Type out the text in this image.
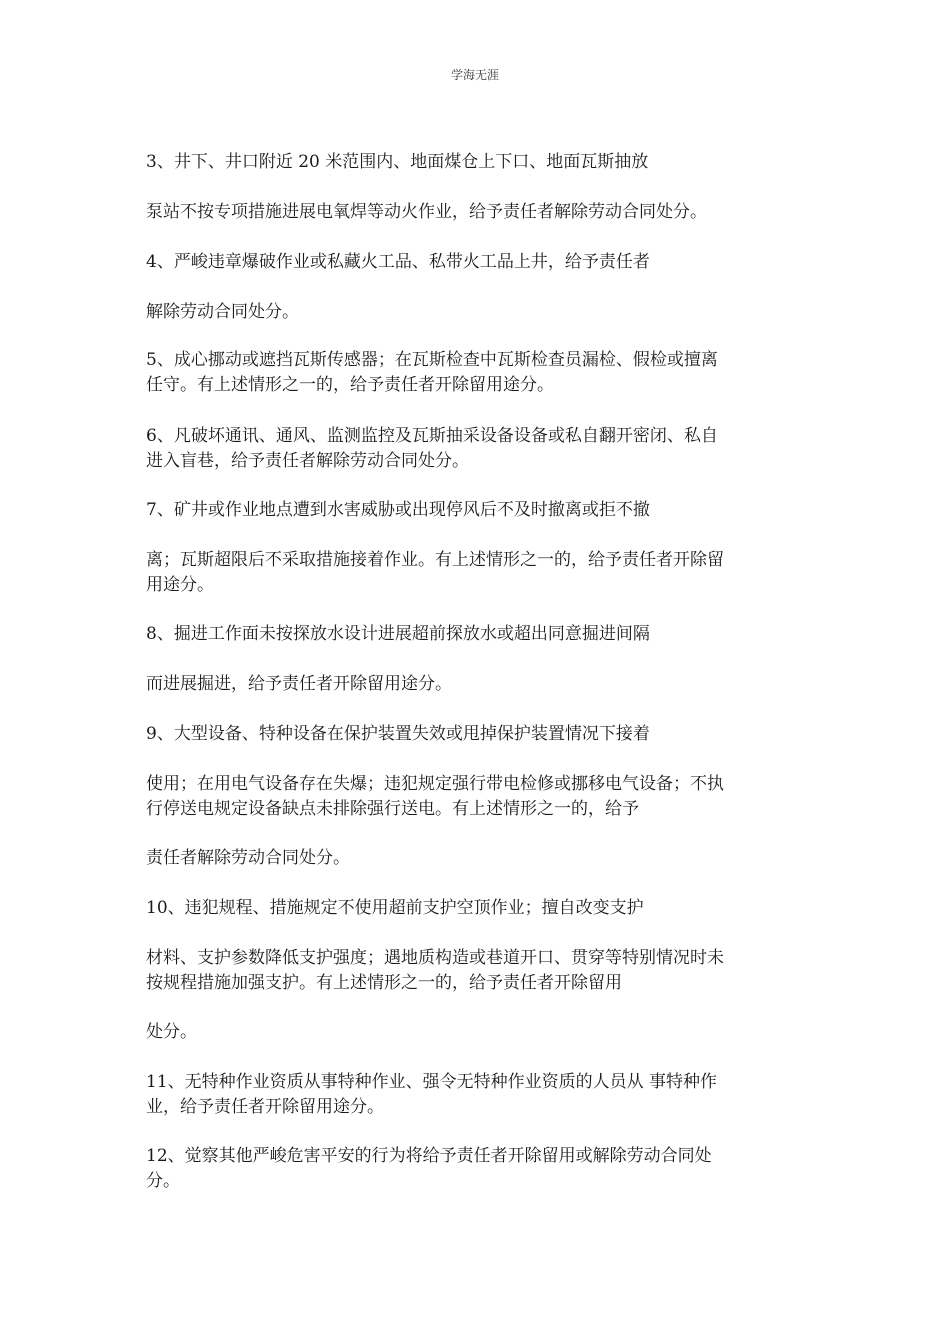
学海无涯
3、井下、井口附近 20 米范围内、地面煤仓上下口、地面瓦斯抽放
泵站不按专项措施进展电氧焊等动火作业，给予责任者解除劳动合同处分。
4、严峻违章爆破作业或私藏火工品、私带火工品上井，给予责任者
解除劳动合同处分。
5、成心挪动或遮挡瓦斯传感器；在瓦斯检查中瓦斯检查员漏检、假检或擅离
任守。有上述情形之一的，给予责任者开除留用途分。
6、凡破坏通讯、通风、监测监控及瓦斯抽采设备设备或私自翻开密闭、私自
进入盲巷，给予责任者解除劳动合同处分。
7、矿井或作业地点遭到水害威胁或出现停风后不及时撤离或拒不撤
离；瓦斯超限后不采取措施接着作业。有上述情形之一的，给予责任者开除留
用途分。
8、掘进工作面未按探放水设计进展超前探放水或超出同意掘进间隔
而进展掘进，给予责任者开除留用途分。
9、大型设备、特种设备在保护装置失效或甩掉保护装置情况下接着
使用；在用电气设备存在失爆；违犯规定强行带电检修或挪移电气设备；不执
行停送电规定设备缺点未排除强行送电。有上述情形之一的，给予
责任者解除劳动合同处分。
10、违犯规程、措施规定不使用超前支护空顶作业；擅自改变支护
材料、支护参数降低支护强度；遇地质构造或巷道开口、贯穿等特别情况时未
按规程措施加强支护。有上述情形之一的，给予责任者开除留用
处分。
11、无特种作业资质从事特种作业、强令无特种作业资质的人员从 事特种作
业，给予责任者开除留用途分。
12、觉察其他严峻危害平安的行为将给予责任者开除留用或解除劳动合同处
分。
